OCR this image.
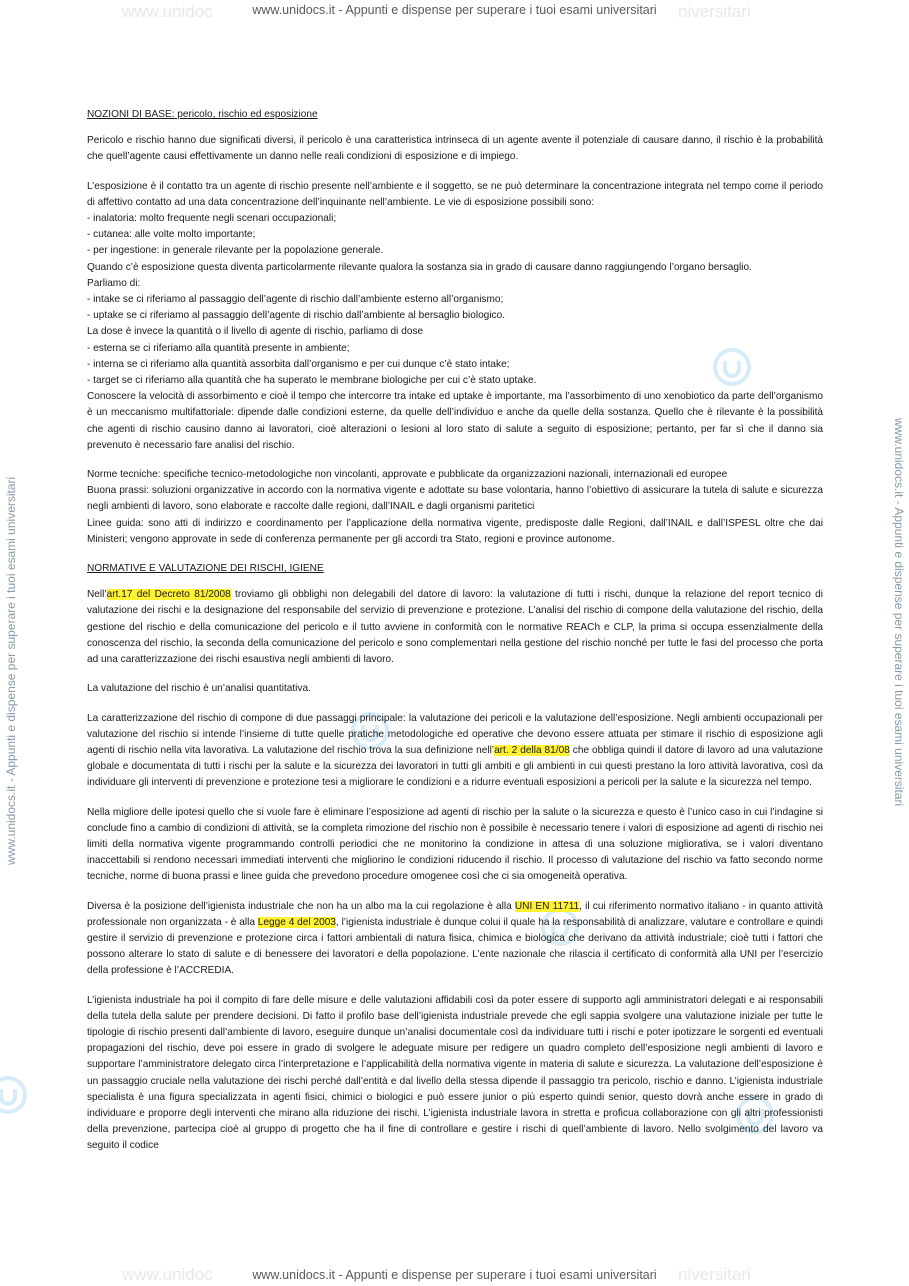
www.unidoc	niversitari
www.unidocs.it - Appunti e dispense per superare i tuoi esami universitari
www.unidoc	niversitari
www.unidocs.it - Appunti e dispense per superare i tuoi esami universitari
www.unidocs.it - Appunti e dispense per superare i tuoi esami universitari	www.unidocs.it - Appunti e dispense per superare i tuoi esami universitari

NOZIONI DI BASE: pericolo, rischio ed esposizione

Pericolo e rischio hanno due significati diversi, il pericolo è una caratteristica intrinseca di un agente avente il potenziale di causare danno, il rischio è la probabilità che quell’agente causi effettivamente un danno nelle reali condizioni di esposizione e di impiego.

L’esposizione è il contatto tra un agente di rischio presente nell’ambiente e il soggetto, se ne può determinare la concentrazione integrata nel tempo come il periodo di affettivo contatto ad una data concentrazione dell’inquinante nell’ambiente. Le vie di esposizione possibili sono:
- inalatoria: molto frequente negli scenari occupazionali;
- cutanea: alle volte molto importante;
- per ingestione: in generale rilevante per la popolazione generale.
Quando c’è esposizione questa diventa particolarmente rilevante qualora la sostanza sia in grado di causare danno raggiungendo l’organo bersaglio.
Parliamo di:
- intake se ci riferiamo al passaggio dell’agente di rischio dall’ambiente esterno all’organismo;
- uptake se ci riferiamo al passaggio dell’agente di rischio dall’ambiente al bersaglio biologico.
La dose è invece la quantità o il livello di agente di rischio, parliamo di dose
- esterna se ci riferiamo alla quantità presente in ambiente;
- interna se ci riferiamo alla quantità assorbita dall’organismo e per cui dunque c’è stato intake;
- target se ci riferiamo alla quantità che ha superato le membrane biologiche per cui c’è stato uptake.
Conoscere la velocità di assorbimento e cioè il tempo che intercorre tra intake ed uptake è importante, ma l’assorbimento di uno xenobiotico da parte dell’organismo è un meccanismo multifattoriale: dipende dalle condizioni esterne, da quelle dell’individuo e anche da quelle della sostanza. Quello che è rilevante è la possibilità che agenti di rischio causino danno ai lavoratori, cioè alterazioni o lesioni al loro stato di salute a seguito di esposizione; pertanto, per far sì che il danno sia prevenuto è necessario fare analisi del rischio.

Norme tecniche: specifiche tecnico-metodologiche non vincolanti, approvate e pubblicate da organizzazioni nazionali, internazionali ed europee
Buona prassi: soluzioni organizzative in accordo con la normativa vigente e adottate su base volontaria, hanno l’obiettivo di assicurare la tutela di salute e sicurezza negli ambienti di lavoro, sono elaborate e raccolte dalle regioni, dall’INAIL e dagli organismi paritetici
Linee guida: sono atti di indirizzo e coordinamento per l’applicazione della normativa vigente, predisposte dalle Regioni, dall’INAIL e dall’ISPESL oltre che dai Ministeri; vengono approvate in sede di conferenza permanente per gli accordi tra Stato, regioni e province autonome.

NORMATIVE E VALUTAZIONE DEI RISCHI, IGIENE

Nell’art.17 del Decreto 81/2008 troviamo gli obblighi non delegabili del datore di lavoro: la valutazione di tutti i rischi, dunque la relazione del report tecnico di valutazione dei rischi e la designazione del responsabile del servizio di prevenzione e protezione. L’analisi del rischio di compone della valutazione del rischio, della gestione del rischio e della comunicazione del pericolo e il tutto avviene in conformità con le normative REACh e CLP, la prima si occupa essenzialmente della conoscenza del rischio, la seconda della comunicazione del pericolo e sono complementari nella gestione del rischio nonché per tutte le fasi del processo che porta ad una caratterizzazione dei rischi esaustiva negli ambienti di lavoro.

La valutazione del rischio è un’analisi quantitativa.

La caratterizzazione del rischio di compone di due passaggi principale: la valutazione dei pericoli e la valutazione dell’esposizione. Negli ambienti occupazionali per valutazione del rischio si intende l’insieme di tutte quelle pratiche metodologiche ed operative che devono essere attuata per stimare il rischio di esposizione agli agenti di rischio nella vita lavorativa. La valutazione del rischio trova la sua definizione nell’art. 2 della 81/08 che obbliga quindi il datore di lavoro ad una valutazione globale e documentata di tutti i rischi per la salute e la sicurezza dei lavoratori in tutti gli ambiti e gli ambienti in cui questi prestano la loro attività lavorativa, così da individuare gli interventi di prevenzione e protezione tesi a migliorare le condizioni e a ridurre eventuali esposizioni a pericoli per la salute e la sicurezza nel tempo.

Nella migliore delle ipotesi quello che si vuole fare è eliminare l’esposizione ad agenti di rischio per la salute o la sicurezza e questo è l’unico caso in cui l’indagine si conclude fino a cambio di condizioni di attività, se la completa rimozione del rischio non è possibile è necessario tenere i valori di esposizione ad agenti di rischio nei limiti della normativa vigente programmando controlli periodici che ne monitorino la condizione in attesa di una soluzione migliorativa, se i valori diventano inaccettabili si rendono necessari immediati interventi che migliorino le condizioni riducendo il rischio. Il processo di valutazione del rischio va fatto secondo norme tecniche, norme di buona prassi e linee guida che prevedono procedure omogenee così che ci sia omogeneità operativa.

Diversa è la posizione dell’igienista industriale che non ha un albo ma la cui regolazione è alla UNI EN 11711, il cui riferimento normativo italiano - in quanto attività professionale non organizzata - è alla Legge 4 del 2003, l’igienista industriale è dunque colui il quale ha la responsabilità di analizzare, valutare e controllare e quindi gestire il servizio di prevenzione e protezione circa i fattori ambientali di natura fisica, chimica e biologica che derivano da attività industriale; cioè tutti i fattori che possono alterare lo stato di salute e di benessere dei lavoratori e della popolazione. L’ente nazionale che rilascia il certificato di conformità alla UNI per l’esercizio della professione è l’ACCREDIA.

L’igienista industriale ha poi il compito di fare delle misure e delle valutazioni affidabili così da poter essere di supporto agli amministratori delegati e ai responsabili della tutela della salute per prendere decisioni. Di fatto il profilo base dell’igienista industriale prevede che egli sappia svolgere una valutazione iniziale per tutte le tipologie di rischio presenti dall’ambiente di lavoro, eseguire dunque un’analisi documentale così da individuare tutti i rischi e poter ipotizzare le sorgenti ed eventuali propagazioni del rischio, deve poi essere in grado di svolgere le adeguate misure per redigere un quadro completo dell’esposizione negli ambienti di lavoro e supportare l’amministratore delegato circa l’interpretazione e l’applicabilità della normativa vigente in materia di salute e sicurezza. La valutazione dell’esposizione è un passaggio cruciale nella valutazione dei rischi perché dall’entità e dal livello della stessa dipende il passaggio tra pericolo, rischio e danno. L’igienista industriale specialista è una figura specializzata in agenti fisici, chimici o biologici e può essere junior o più esperto quindi senior, questo dovrà anche essere in grado di individuare e proporre degli interventi che mirano alla riduzione dei rischi. L’igienista industriale lavora in stretta e proficua collaborazione con gli altri professionisti della prevenzione, partecipa cioè al gruppo di progetto che ha il fine di controllare e gestire i rischi di quell’ambiente di lavoro. Nello svolgimento del lavoro va seguito il codice
